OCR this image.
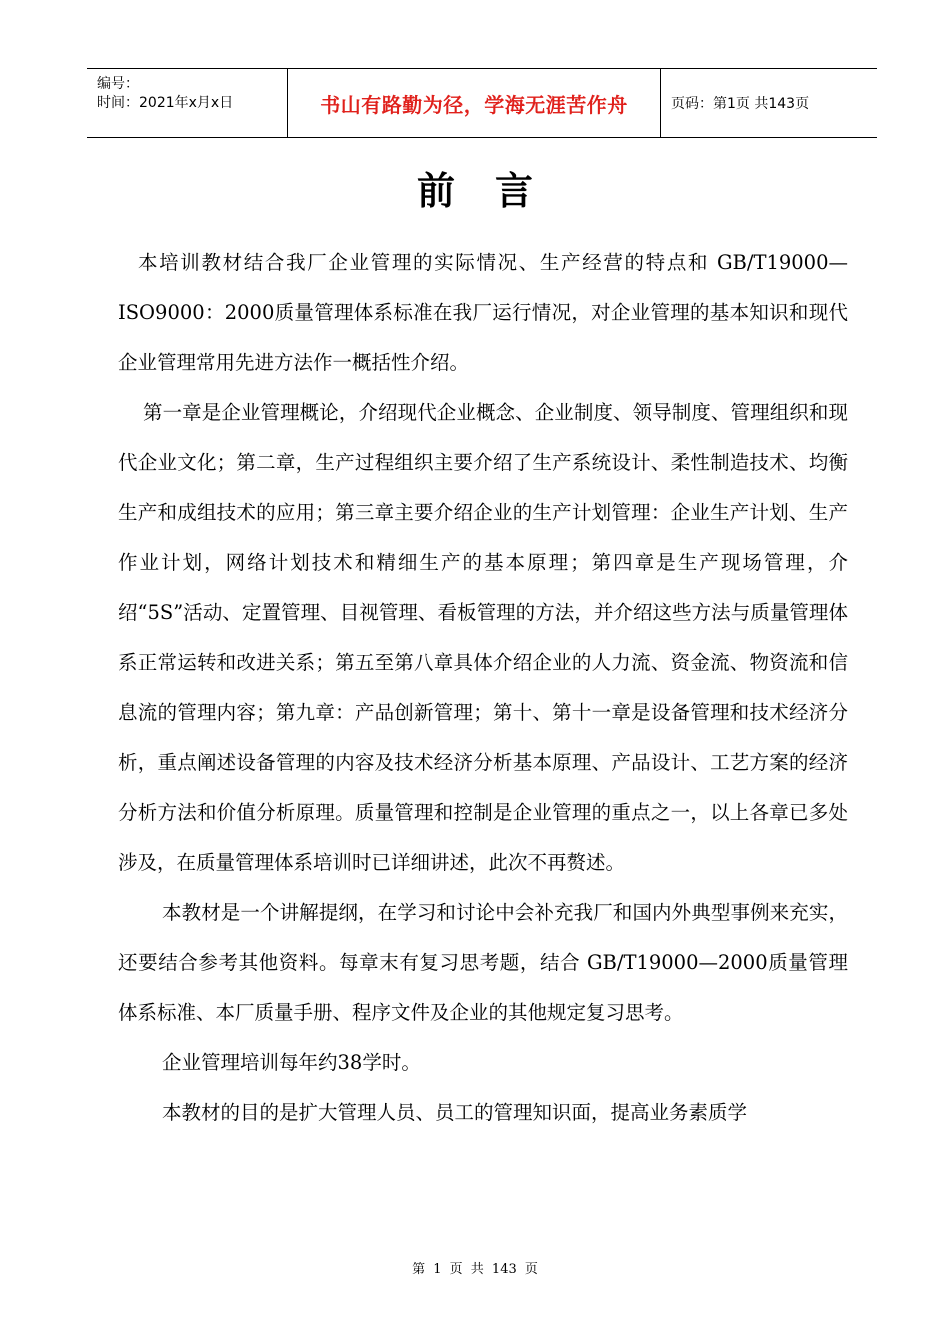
编号：
时间：2021年x月x日	书山有路勤为径，学海无涯苦作舟	页码：第1页 共143页
前言

本培训教材结合我厂企业管理的实际情况、生产经营的特点和 GB/T19000—ISO9000：2000质量管理体系标准在我厂运行情况，对企业管理的基本知识和现代企业管理常用先进方法作一概括性介绍。

第一章是企业管理概论，介绍现代企业概念、企业制度、领导制度、管理组织和现代企业文化；第二章，生产过程组织主要介绍了生产系统设计、柔性制造技术、均衡生产和成组技术的应用；第三章主要介绍企业的生产计划管理：企业生产计划、生产作业计划，网络计划技术和精细生产的基本原理；第四章是生产现场管理，介绍“5S”活动、定置管理、目视管理、看板管理的方法，并介绍这些方法与质量管理体系正常运转和改进关系；第五至第八章具体介绍企业的人力流、资金流、物资流和信息流的管理内容；第九章：产品创新管理；第十、第十一章是设备管理和技术经济分析，重点阐述设备管理的内容及技术经济分析基本原理、产品设计、工艺方案的经济分析方法和价值分析原理。质量管理和控制是企业管理的重点之一，以上各章已多处涉及，在质量管理体系培训时已详细讲述，此次不再赘述。

本教材是一个讲解提纲，在学习和讨论中会补充我厂和国内外典型事例来充实，还要结合参考其他资料。每章末有复习思考题，结合 GB/T19000—2000质量管理体系标准、本厂质量手册、程序文件及企业的其他规定复习思考。

企业管理培训每年约38学时。

本教材的目的是扩大管理人员、员工的管理知识面，提高业务素质学

第 1 页 共 143 页
